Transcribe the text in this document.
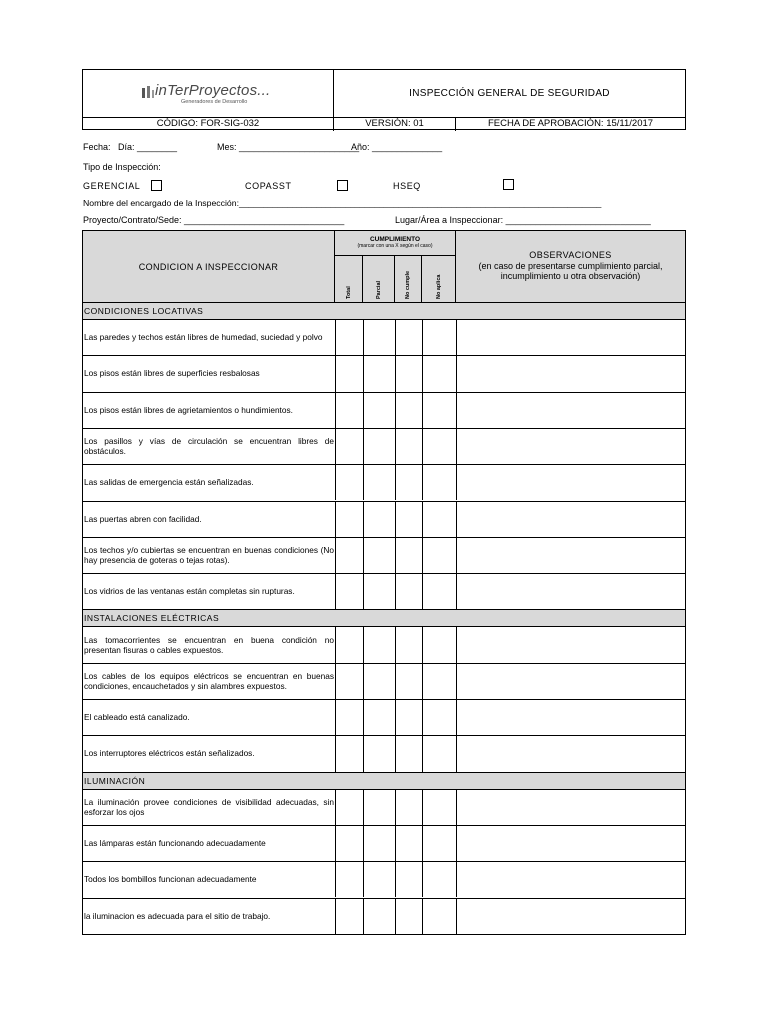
inTerProyectos...
Generadores de Desarrollo
INSPECCIÓN GENERAL DE SEGURIDAD
CÓDIGO: FOR-SIG-032	VERSIÓN: 01	FECHA DE APROBACIÓN: 15/11/2017
Fecha: Día: ________	Mes: ________________________
Año: ______________
Tipo de Inspección:
GERENCIAL	COPASST	HSEQ
Nombre del encargado de la Inspección:___________________________________________________________________________
Proyecto/Contrato/Sede: ________________________________	Lugar/Área a Inspeccionar: _____________________________
CONDICION A INSPECCIONAR
CUMPLIMIENTO
(marcar con una X según el caso)
Total	Parcial	No cumple	No aplica
OBSERVACIONES
(en caso de presentarse cumplimiento parcial,
incumplimiento u otra observación)
CONDICIONES LOCATIVAS
Las paredes y techos están libres de humedad, suciedad y polvo
Los pisos están libres de superficies resbalosas
Los pisos están libres de agrietamientos o hundimientos.
Los pasillos y vías de circulación se encuentran libres de obstáculos.
Las salidas de emergencia están señalizadas.
Las puertas abren con facilidad.
Los techos y/o cubiertas se encuentran en buenas condiciones (No hay presencia de goteras o tejas rotas).
Los vidrios de las ventanas están completas sin rupturas.
INSTALACIONES ELÉCTRICAS
Las tomacorrientes se encuentran en buena condición no presentan fisuras o cables expuestos.
Los cables de los equipos eléctricos se encuentran en buenas condiciones, encauchetados y sin alambres expuestos.
El cableado está canalizado.
Los interruptores eléctricos están señalizados.
ILUMINACIÓN
La iluminación provee condiciones de visibilidad adecuadas, sin esforzar los ojos
Las lámparas están funcionando adecuadamente
Todos los bombillos funcionan adecuadamente
la iluminacion es adecuada para el sitio de trabajo.
